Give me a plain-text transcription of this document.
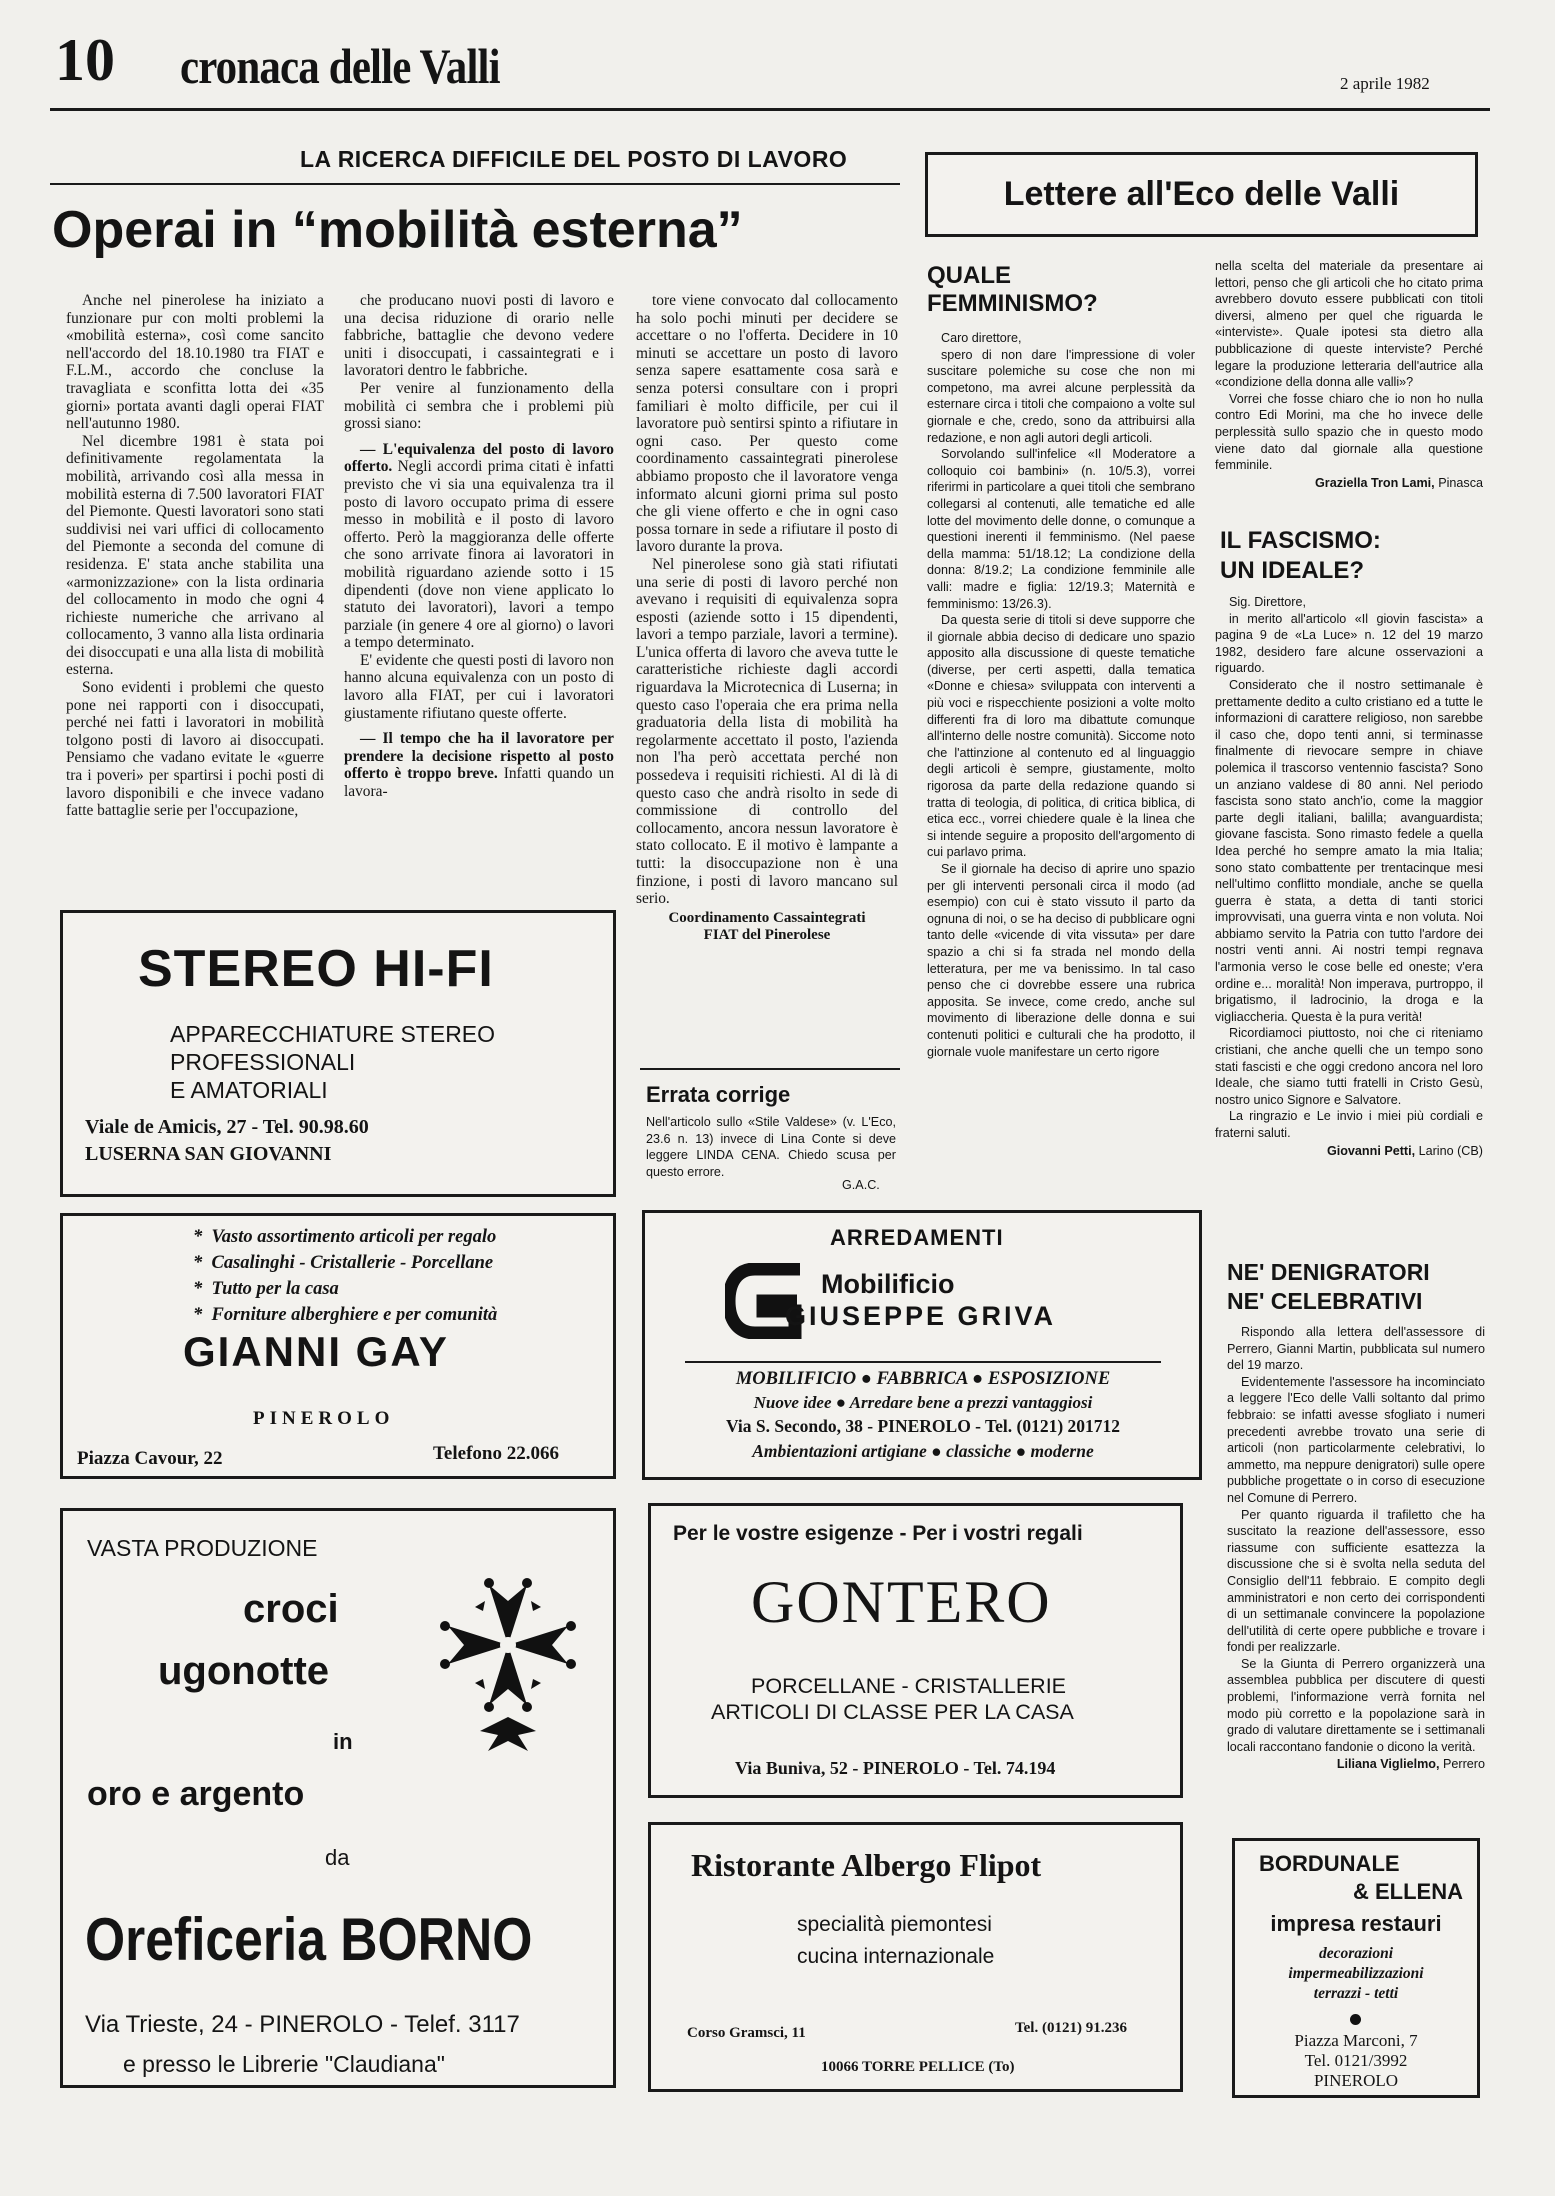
10 cronaca delle Valli	2 aprile 1982
LA RICERCA DIFFICILE DEL POSTO DI LAVORO
Operai in “mobilità esterna”

Anche nel pinerolese ha iniziato a funzionare pur con molti problemi la «mobilità esterna», così come sancito nell'accordo del 18.10.1980 tra FIAT e F.L.M., accordo che concluse la travagliata e sconfitta lotta dei «35 giorni» portata avanti dagli operai FIAT nell'autunno 1980.
Nel dicembre 1981 è stata poi definitivamente regolamentata la mobilità, arrivando così alla messa in mobilità esterna di 7.500 lavoratori FIAT del Piemonte. Questi lavoratori sono stati suddivisi nei vari uffici di collocamento del Piemonte a seconda del comune di residenza. E' stata anche stabilita una «armonizzazione» con la lista ordinaria del collocamento in modo che ogni 4 richieste numeriche che arrivano al collocamento, 3 vanno alla lista ordinaria dei disoccupati e una alla lista di mobilità esterna.
Sono evidenti i problemi che questo pone nei rapporti con i disoccupati, perché nei fatti i lavoratori in mobilità tolgono posti di lavoro ai disoccupati. Pensiamo che vadano evitate le «guerre tra i poveri» per spartirsi i pochi posti di lavoro disponibili e che invece vadano fatte battaglie serie per l'occupazione,

che producano nuovi posti di lavoro e una decisa riduzione di orario nelle fabbriche, battaglie che devono vedere uniti i disoccupati, i cassaintegrati e i lavoratori dentro le fabbriche.
Per venire al funzionamento della mobilità ci sembra che i problemi più grossi siano:

— L'equivalenza del posto di lavoro offerto. Negli accordi prima citati è infatti previsto che vi sia una equivalenza tra il posto di lavoro occupato prima di essere messo in mobilità e il posto di lavoro offerto. Però la maggioranza delle offerte che sono arrivate finora ai lavoratori in mobilità riguardano aziende sotto i 15 dipendenti (dove non viene applicato lo statuto dei lavoratori), lavori a tempo parziale (in genere 4 ore al giorno) o lavori a tempo determinato.
E' evidente che questi posti di lavoro non hanno alcuna equivalenza con un posto di lavoro alla FIAT, per cui i lavoratori giustamente rifiutano queste offerte.

— Il tempo che ha il lavoratore per prendere la decisione rispetto al posto offerto è troppo breve. Infatti quando un lavora-

tore viene convocato dal collocamento ha solo pochi minuti per decidere se accettare o no l'offerta. Decidere in 10 minuti se accettare un posto di lavoro senza sapere esattamente cosa sarà e senza potersi consultare con i propri familiari è molto difficile, per cui il lavoratore può sentirsi spinto a rifiutare in ogni caso. Per questo come coordinamento cassaintegrati pinerolese abbiamo proposto che il lavoratore venga informato alcuni giorni prima sul posto che gli viene offerto e che in ogni caso possa tornare in sede a rifiutare il posto di lavoro durante la prova.
Nel pinerolese sono già stati rifiutati una serie di posti di lavoro perché non avevano i requisiti di equivalenza sopra esposti (aziende sotto i 15 dipendenti, lavori a tempo parziale, lavori a termine). L'unica offerta di lavoro che aveva tutte le caratteristiche richieste dagli accordi riguardava la Microtecnica di Luserna; in questo caso l'operaia che era prima nella graduatoria della lista di mobilità ha regolarmente accettato il posto, l'azienda non l'ha però accettata perché non possedeva i requisiti richiesti. Al di là di questo caso che andrà risolto in sede di commissione di controllo del collocamento, ancora nessun lavoratore è stato collocato. E il motivo è lampante a tutti: la disoccupazione non è una finzione, i posti di lavoro mancano sul serio.

Coordinamento Cassaintegrati
FIAT del Pinerolese
Errata corrige
Nell'articolo sullo «Stile Valdese» (v. L'Eco, 23.6 n. 13) invece di Lina Conte si deve leggere LINDA CENA. Chiedo scusa per questo errore.
G.A.C.
Lettere all'Eco delle Valli
QUALE
FEMMINISMO?

Caro direttore,
spero di non dare l'impressione di voler suscitare polemiche su cose che non mi competono, ma avrei alcune perplessità da esternare circa i titoli che compaiono a volte sul giornale e che, credo, sono da attribuirsi alla redazione, e non agli autori degli articoli.
Sorvolando sull'infelice «Il Moderatore a colloquio coi bambini» (n. 10/5.3), vorrei riferirmi in particolare a quei titoli che sembrano collegarsi al contenuti, alle tematiche ed alle lotte del movimento delle donne, o comunque a questioni inerenti il femminismo. (Nel paese della mamma: 51/18.12; La condizione della donna: 8/19.2; La condizione femminile alle valli: madre e figlia: 12/19.3; Maternità e femminismo: 13/26.3).
Da questa serie di titoli si deve supporre che il giornale abbia deciso di dedicare uno spazio apposito alla discussione di queste tematiche (diverse, per certi aspetti, dalla tematica «Donne e chiesa» sviluppata con interventi a più voci e rispecchiente posizioni a volte molto differenti fra di loro ma dibattute comunque all'interno delle nostre comunità). Siccome noto che l'attinzione al contenuto ed al linguaggio degli articoli è sempre, giustamente, molto rigorosa da parte della redazione quando si tratta di teologia, di politica, di critica biblica, di etica ecc., vorrei chiedere quale è la linea che si intende seguire a proposito dell'argomento di cui parlavo prima.
Se il giornale ha deciso di aprire uno spazio per gli interventi personali circa il modo (ad esempio) con cui è stato vissuto il parto da ognuna di noi, o se ha deciso di pubblicare ogni tanto delle «vicende di vita vissuta» per dare spazio a chi si fa strada nel mondo della letteratura, per me va benissimo. In tal caso penso che ci dovrebbe essere una rubrica apposita. Se invece, come credo, anche sul movimento di liberazione delle donna e sui contenuti politici e culturali che ha prodotto, il giornale vuole manifestare un certo rigore

nella scelta del materiale da presentare ai lettori, penso che gli articoli che ho citato prima avrebbero dovuto essere pubblicati con titoli diversi, almeno per quel che riguarda le «interviste». Quale ipotesi sta dietro alla pubblicazione di queste interviste? Perché legare la produzione letteraria dell'autrice alla «condizione della donna alle valli»?
Vorrei che fosse chiaro che io non ho nulla contro Edi Morini, ma che ho invece delle perplessità sullo spazio che in questo modo viene dato dal giornale alla questione femminile.

Graziella Tron Lami, Pinasca
IL FASCISMO:
UN IDEALE?

Sig. Direttore,
in merito all'articolo «Il giovin fascista» a pagina 9 de «La Luce» n. 12 del 19 marzo 1982, desidero fare alcune osservazioni a riguardo.
Considerato che il nostro settimanale è prettamente dedito a culto cristiano ed a tutte le informazioni di carattere religioso, non sarebbe il caso che, dopo tenti anni, si terminasse finalmente di rievocare sempre in chiave polemica il trascorso ventennio fascista? Sono un anziano valdese di 80 anni. Nel periodo fascista sono stato anch'io, come la maggior parte degli italiani, balilla; avanguardista; giovane fascista. Sono rimasto fedele a quella Idea perché ho sempre amato la mia Italia; sono stato combattente per trentacinque mesi nell'ultimo conflitto mondiale, anche se quella guerra è stata, a detta di tanti storici improvvisati, una guerra vinta e non voluta. Noi abbiamo servito la Patria con tutto l'ardore dei nostri venti anni. Ai nostri tempi regnava l'armonia verso le cose belle ed oneste; v'era ordine e... moralità! Non imperava, purtroppo, il brigatismo, il ladrocinio, la droga e la vigliaccheria. Questa è la pura verità!
Ricordiamoci piuttosto, noi che ci riteniamo cristiani, che anche quelli che un tempo sono stati fascisti e che oggi credono ancora nel loro Ideale, che siamo tutti fratelli in Cristo Gesù, nostro unico Signore e Salvatore.
La ringrazio e Le invio i miei più cordiali e fraterni saluti.

Giovanni Petti, Larino (CB)
NE' DENIGRATORI
NE' CELEBRATIVI

Rispondo alla lettera dell'assessore di Perrero, Gianni Martin, pubblicata sul numero del 19 marzo.
Evidentemente l'assessore ha incominciato a leggere l'Eco delle Valli soltanto dal primo febbraio: se infatti avesse sfogliato i numeri precedenti avrebbe trovato una serie di articoli (non particolarmente celebrativi, lo ammetto, ma neppure denigratori) sulle opere pubbliche progettate o in corso di esecuzione nel Comune di Perrero.
Per quanto riguarda il trafiletto che ha suscitato la reazione dell'assessore, esso riassume con sufficiente esattezza la discussione che si è svolta nella seduta del Consiglio dell'11 febbraio. E compito degli amministratori e non certo dei corrispondenti di un settimanale convincere la popolazione dell'utilità di certe opere pubbliche e trovare i fondi per realizzarle.
Se la Giunta di Perrero organizzerà una assemblea pubblica per discutere di questi problemi, l'informazione verrà fornita nel modo più corretto e la popolazione sarà in grado di valutare direttamente se i settimanali locali raccontano fandonie o dicono la verità.

Liliana Viglielmo, Perrero
STEREO HI-FI
APPARECCHIATURE STEREO
PROFESSIONALI
E AMATORIALI
Viale de Amicis, 27 - Tel. 90.98.60
LUSERNA SAN GIOVANNI
* Vasto assortimento articoli per regalo
* Casalinghi - Cristallerie - Porcellane
* Tutto per la casa
* Forniture alberghiere e per comunità
GIANNI GAY
PINEROLO
Piazza Cavour, 22	Telefono 22.066
ARREDAMENTI
Mobilificio
GIUSEPPE GRIVA
MOBILIFICIO ● FABBRICA ● ESPOSIZIONE
Nuove idee ● Arredare bene a prezzi vantaggiosi
Via S. Secondo, 38 - PINEROLO - Tel. (0121) 201712
Ambientazioni artigiane ● classiche ● moderne
VASTA PRODUZIONE
croci
ugonotte
in
oro e argento
da
Oreficeria BORNO
Via Trieste, 24 - PINEROLO - Telef. 3117
e presso le Librerie "Claudiana"
Per le vostre esigenze - Per i vostri regali
GONTERO
PORCELLANE - CRISTALLERIE
ARTICOLI DI CLASSE PER LA CASA
Via Buniva, 52 - PINEROLO - Tel. 74.194
Ristorante Albergo Flipot
specialità piemontesi
cucina internazionale
Corso Gramsci, 11	Tel. (0121) 91.236
10066 TORRE PELLICE (To)
BORDUNALE
& ELLENA
impresa restauri
decorazioni
impermeabilizzazioni
terrazzi - tetti
Piazza Marconi, 7
Tel. 0121/3992
PINEROLO
